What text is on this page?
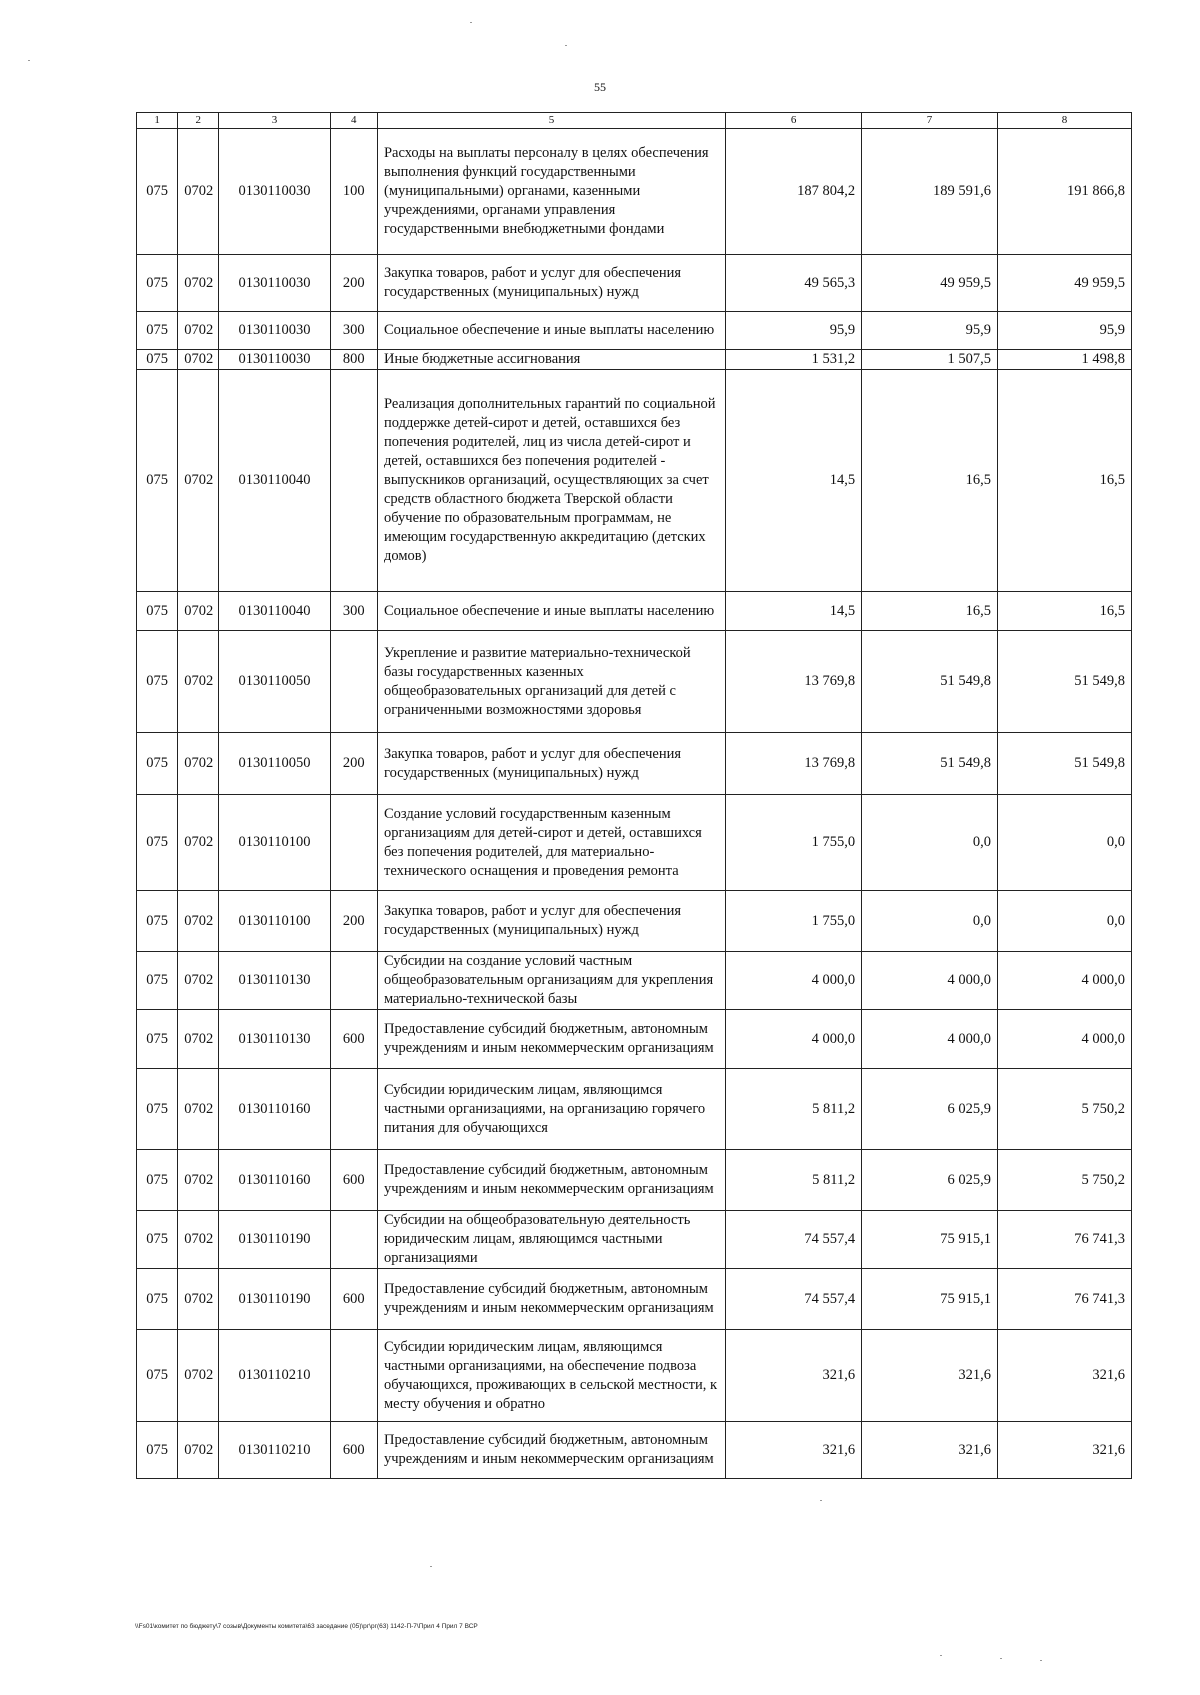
55
1	2	3	4	5	6	7	8
075	0702	0130110030	100	Расходы на выплаты персоналу в целях обеспечения выполнения функций государственными (муниципальными) органами, казенными учреждениями, органами управления государственными внебюджетными фондами	187 804,2	189 591,6	191 866,8
075	0702	0130110030	200	Закупка товаров, работ и услуг для обеспечения государственных (муниципальных) нужд	49 565,3	49 959,5	49 959,5
075	0702	0130110030	300	Социальное обеспечение и иные выплаты населению	95,9	95,9	95,9
075	0702	0130110030	800	Иные бюджетные ассигнования	1 531,2	1 507,5	1 498,8
075	0702	0130110040		Реализация дополнительных гарантий по социальной поддержке детей-сирот и детей, оставшихся без попечения родителей, лиц из числа детей-сирот и детей, оставшихся без попечения родителей - выпускников организаций, осуществляющих за счет средств областного бюджета Тверской области обучение по образовательным программам, не имеющим государственную аккредитацию (детских домов)	14,5	16,5	16,5
075	0702	0130110040	300	Социальное обеспечение и иные выплаты населению	14,5	16,5	16,5
075	0702	0130110050		Укрепление и развитие материально-технической базы государственных казенных общеобразовательных организаций для детей с ограниченными возможностями здоровья	13 769,8	51 549,8	51 549,8
075	0702	0130110050	200	Закупка товаров, работ и услуг для обеспечения государственных (муниципальных) нужд	13 769,8	51 549,8	51 549,8
075	0702	0130110100		Создание условий государственным казенным организациям для детей-сирот и детей, оставшихся без попечения родителей, для материально-технического оснащения и проведения ремонта	1 755,0	0,0	0,0
075	0702	0130110100	200	Закупка товаров, работ и услуг для обеспечения государственных (муниципальных) нужд	1 755,0	0,0	0,0
075	0702	0130110130		Субсидии на создание условий частным общеобразовательным организациям для укрепления материально-технической базы	4 000,0	4 000,0	4 000,0
075	0702	0130110130	600	Предоставление субсидий бюджетным, автономным учреждениям и иным некоммерческим организациям	4 000,0	4 000,0	4 000,0
075	0702	0130110160		Субсидии юридическим лицам, являющимся частными организациями, на организацию горячего питания для обучающихся	5 811,2	6 025,9	5 750,2
075	0702	0130110160	600	Предоставление субсидий бюджетным, автономным учреждениям и иным некоммерческим организациям	5 811,2	6 025,9	5 750,2
075	0702	0130110190		Субсидии на общеобразовательную деятельность юридическим лицам, являющимся частными организациями	74 557,4	75 915,1	76 741,3
075	0702	0130110190	600	Предоставление субсидий бюджетным, автономным учреждениям и иным некоммерческим организациям	74 557,4	75 915,1	76 741,3
075	0702	0130110210		Субсидии юридическим лицам, являющимся частными организациями, на обеспечение подвоза обучающихся, проживающих в сельской местности, к месту обучения и обратно	321,6	321,6	321,6
075	0702	0130110210	600	Предоставление субсидий бюджетным, автономным учреждениям и иным некоммерческим организациям	321,6	321,6	321,6
\\Fs01\комитет по бюджету\7 созыв\Документы комитета\63 заседание (05)\рг\рг(63) 1142-П-7\Прил 4 Прил 7 ВСР
